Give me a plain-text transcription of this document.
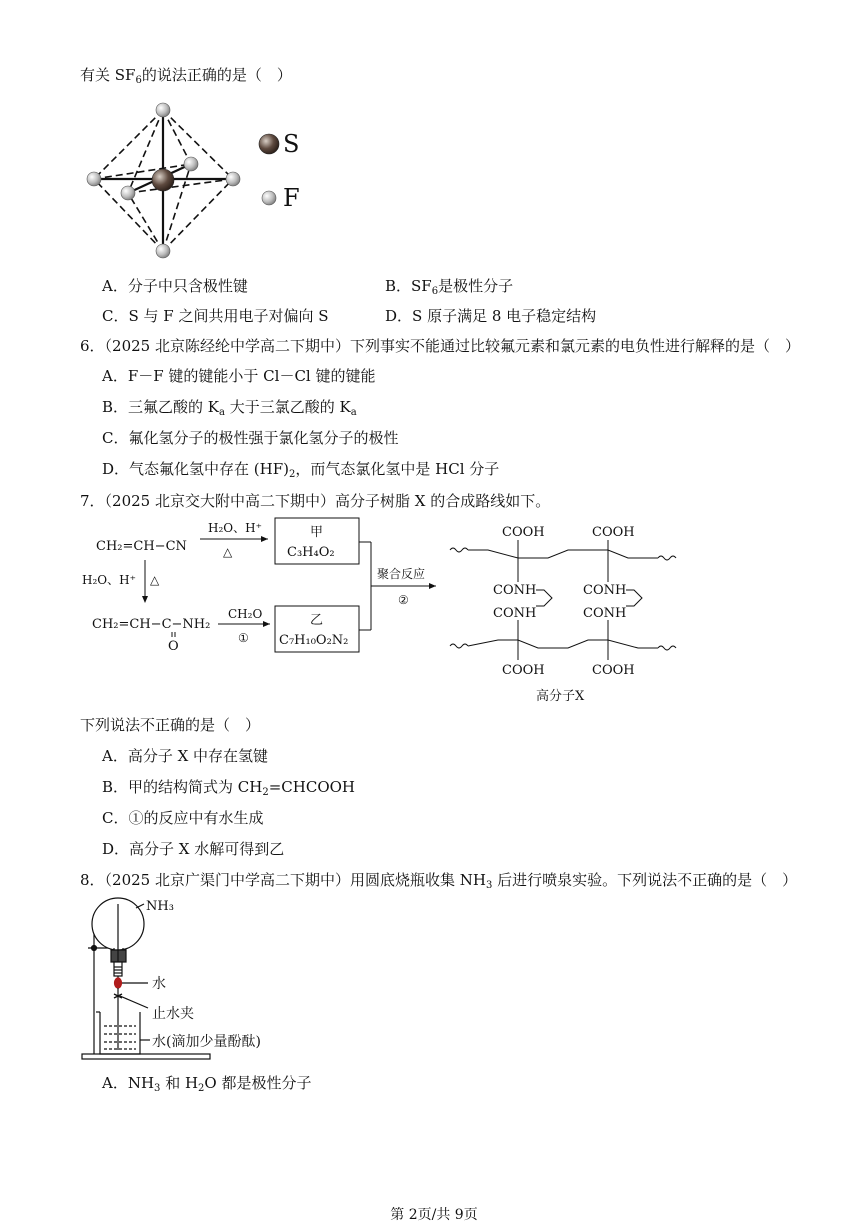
有关 $SF_6$的说法正确的是（　）
S
F
A．分子中只含极性键	B．$SF_6$是极性分子
C．S 与 F 之间共用电子对偏向 S	D．S 原子满足 8 电子稳定结构
6．（2025 北京陈经纶中学高二下期中）下列事实不能通过比较氟元素和氯元素的电负性进行解释的是（　）
A．F－F 键的键能小于 Cl－Cl 键的键能
B．三氟乙酸的 $K_a$ 大于三氯乙酸的 $K_a$
C．氟化氢分子的极性强于氯化氢分子的极性
D．气态氟化氢中存在 $(HF)_2$，而气态氯化氢中是 HCl 分子
7．（2025 北京交大附中高二下期中）高分子树脂 X 的合成路线如下。
CH₂=CH−CN
H₂O、H⁺
△
甲
C₃H₄O₂
H₂O、H⁺ △
CH₂=CH−C−NH₂
O
CH₂O
①
乙
C₇H₁₀O₂N₂
聚合反应
②
COOH	COOH
CONH	CONH
CONH	CONH
COOH	COOH
高分子X
下列说法不正确的是（　）
A．高分子 X 中存在氢键
B．甲的结构简式为 $CH_2=CHCOOH$
C．①的反应中有水生成
D．高分子 X 水解可得到乙
8．（2025 北京广渠门中学高二下期中）用圆底烧瓶收集 $NH_3$ 后进行喷泉实验。下列说法不正确的是（　）
NH₃
水
止水夹
水(滴加少量酚酞)
A．$NH_3$ 和 $H_2O$ 都是极性分子
第 2页/共 9页
